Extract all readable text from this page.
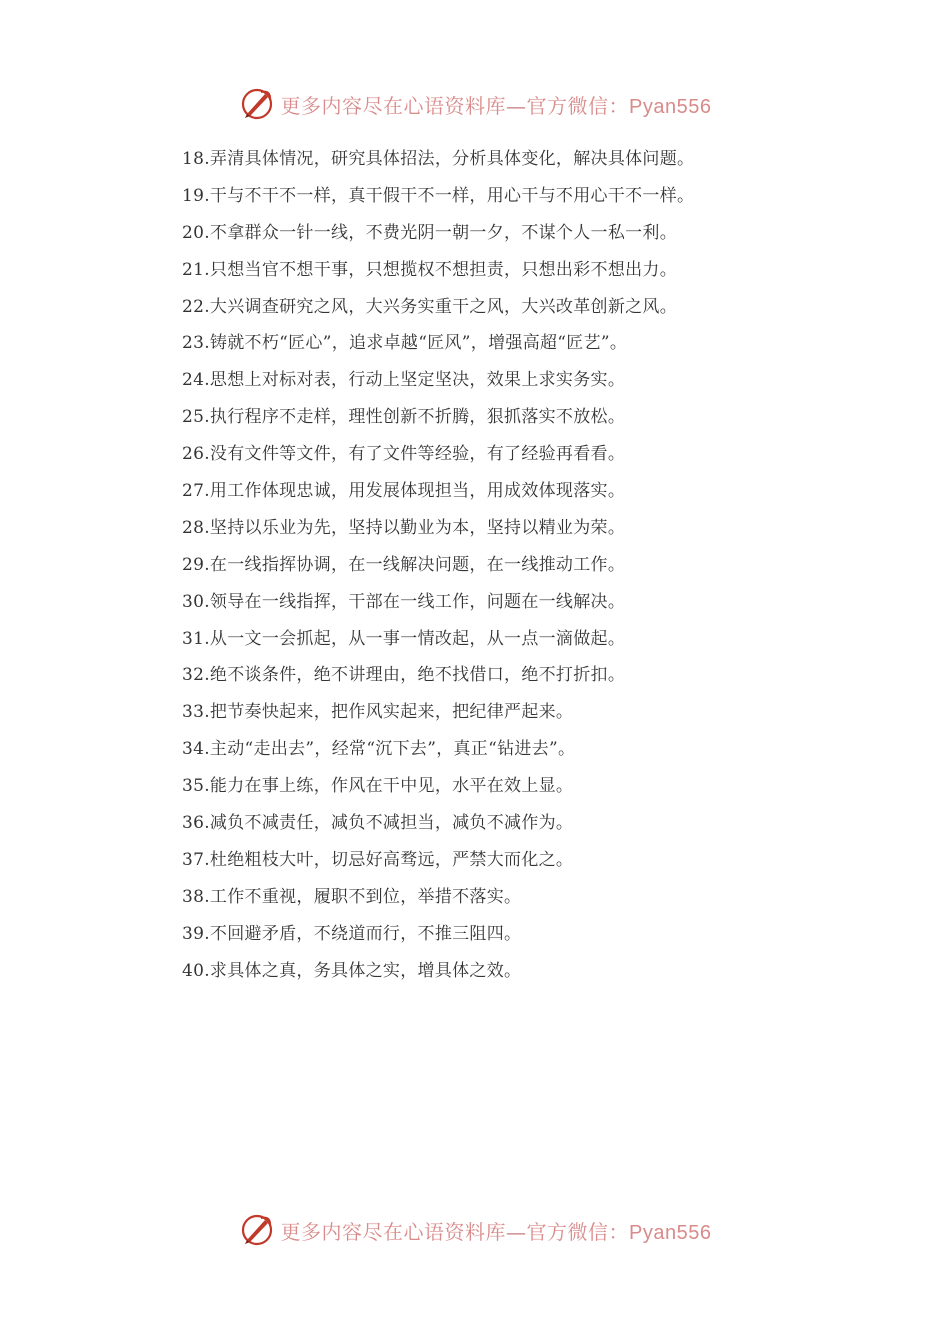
更多内容尽在心语资料库—官方微信：Pyan556
18.弄清具体情况，研究具体招法，分析具体变化，解决具体问题。
19.干与不干不一样，真干假干不一样，用心干与不用心干不一样。
20.不拿群众一针一线，不费光阴一朝一夕，不谋个人一私一利。
21.只想当官不想干事，只想揽权不想担责，只想出彩不想出力。
22.大兴调查研究之风，大兴务实重干之风，大兴改革创新之风。
23.铸就不朽“匠心”，追求卓越“匠风”，增强高超“匠艺”。
24.思想上对标对表，行动上坚定坚决，效果上求实务实。
25.执行程序不走样，理性创新不折腾，狠抓落实不放松。
26.没有文件等文件，有了文件等经验，有了经验再看看。
27.用工作体现忠诚，用发展体现担当，用成效体现落实。
28.坚持以乐业为先，坚持以勤业为本，坚持以精业为荣。
29.在一线指挥协调，在一线解决问题，在一线推动工作。
30.领导在一线指挥，干部在一线工作，问题在一线解决。
31.从一文一会抓起，从一事一情改起，从一点一滴做起。
32.绝不谈条件，绝不讲理由，绝不找借口，绝不打折扣。
33.把节奏快起来，把作风实起来，把纪律严起来。
34.主动“走出去”，经常“沉下去”，真正“钻进去”。
35.能力在事上练，作风在干中见，水平在效上显。
36.减负不减责任，减负不减担当，减负不减作为。
37.杜绝粗枝大叶，切忌好高骛远，严禁大而化之。
38.工作不重视，履职不到位，举措不落实。
39.不回避矛盾，不绕道而行，不推三阻四。
40.求具体之真，务具体之实，增具体之效。
更多内容尽在心语资料库—官方微信：Pyan556
